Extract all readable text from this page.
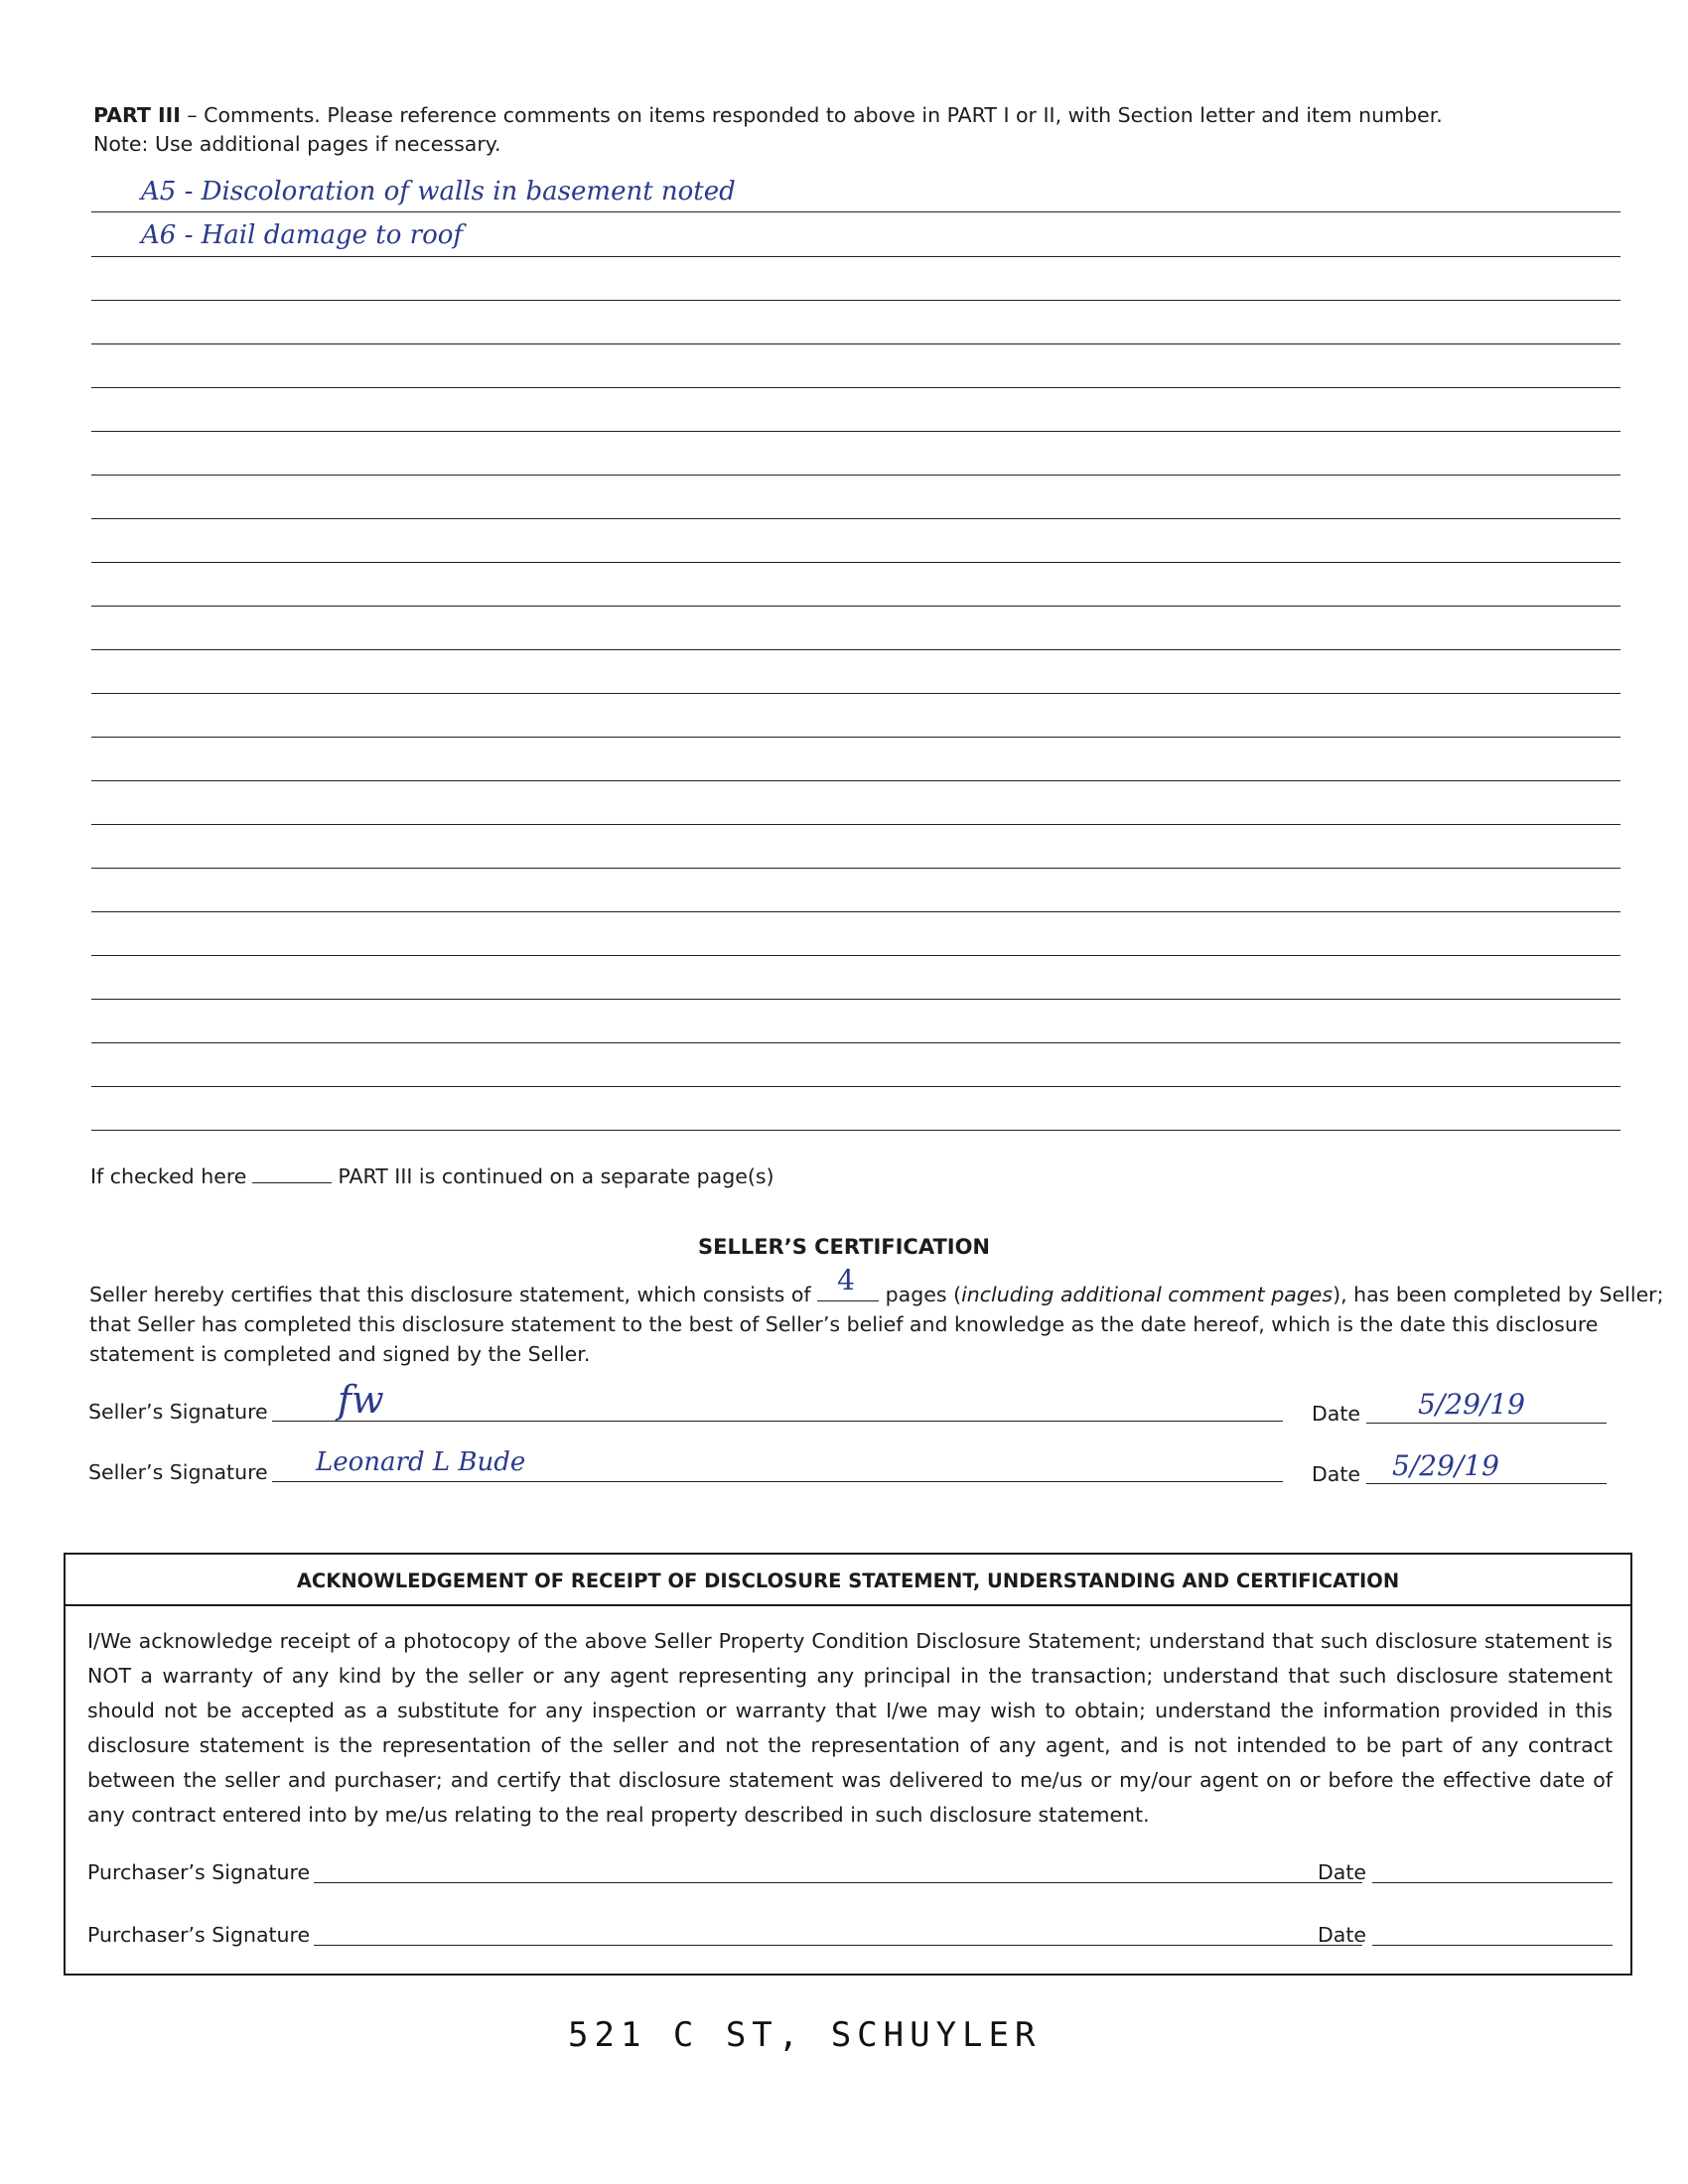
PART III – Comments. Please reference comments on items responded to above in PART I or II, with Section letter and item number.
Note: Use additional pages if necessary.
A5 - Discoloration of walls in basement noted
A6 - Hail damage to roof
If checked here	PART III is continued on a separate page(s)
SELLER’S CERTIFICATION
Seller hereby certifies that this disclosure statement, which consists of 4 pages (including additional comment pages), has been completed by Seller;
that Seller has completed this disclosure statement to the best of Seller’s belief and knowledge as the date hereof, which is the date this disclosure
statement is completed and signed by the Seller.
Seller’s Signature fw	Date 5/29/19
Seller’s Signature Leonard L Bude	Date 5/29/19
ACKNOWLEDGEMENT OF RECEIPT OF DISCLOSURE STATEMENT, UNDERSTANDING AND CERTIFICATION
I/We acknowledge receipt of a photocopy of the above Seller Property Condition Disclosure Statement; understand that such disclosure statement is NOT a warranty of any kind by the seller or any agent representing any principal in the transaction; understand that such disclosure statement should not be accepted as a substitute for any inspection or warranty that I/we may wish to obtain; understand the information provided in this disclosure statement is the representation of the seller and not the representation of any agent, and is not intended to be part of any contract between the seller and purchaser; and certify that disclosure statement was delivered to me/us or my/our agent on or before the effective date of any contract entered into by me/us relating to the real property described in such disclosure statement.
Purchaser’s Signature	Date
Purchaser’s Signature	Date
521 C ST, SCHUYLER
